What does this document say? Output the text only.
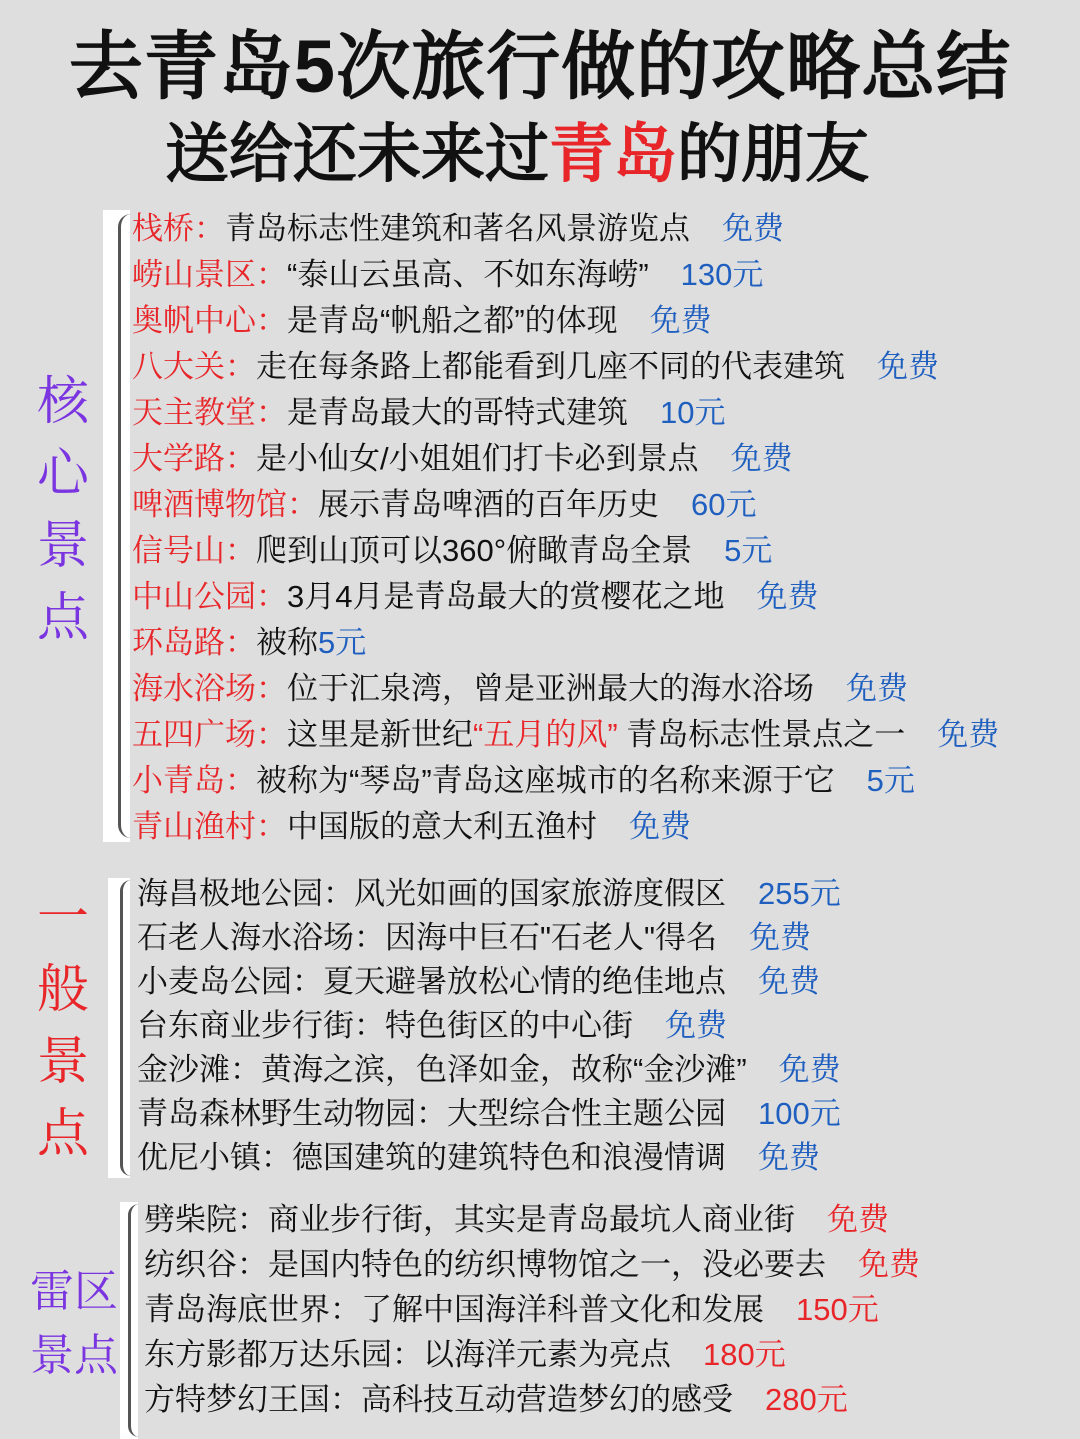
去青岛5次旅行做的攻略总结
送给还未来过青岛的朋友
核
心
景
点
栈桥：青岛标志性建筑和著名风景游览点 免费
崂山景区：“泰山云虽高、不如东海崂” 130元
奥帆中心：是青岛“帆船之都”的体现 免费
八大关：走在每条路上都能看到几座不同的代表建筑 免费
天主教堂：是青岛最大的哥特式建筑 10元
大学路：是小仙女/小姐姐们打卡必到景点 免费
啤酒博物馆：展示青岛啤酒的百年历史 60元
信号山：爬到山顶可以360°俯瞰青岛全景 5元
中山公园：3月4月是青岛最大的赏樱花之地 免费
环岛路：被称5元
海水浴场：位于汇泉湾，曾是亚洲最大的海水浴场 免费
五四广场：这里是新世纪“五月的风” 青岛标志性景点之一 免费
小青岛：被称为“琴岛”青岛这座城市的名称来源于它 5元
青山渔村：中国版的意大利五渔村 免费
一
般
景
点
海昌极地公园：风光如画的国家旅游度假区 255元
石老人海水浴场：因海中巨石"石老人"得名 免费
小麦岛公园：夏天避暑放松心情的绝佳地点 免费
台东商业步行街：特色街区的中心街 免费
金沙滩：黄海之滨，色泽如金，故称“金沙滩” 免费
青岛森林野生动物园：大型综合性主题公园 100元
优尼小镇：德国建筑的建筑特色和浪漫情调 免费
雷区
景点
劈柴院：商业步行街，其实是青岛最坑人商业街 免费
纺织谷：是国内特色的纺织博物馆之一，没必要去 免费
青岛海底世界：了解中国海洋科普文化和发展 150元
东方影都万达乐园：以海洋元素为亮点 180元
方特梦幻王国：高科技互动营造梦幻的感受 280元
